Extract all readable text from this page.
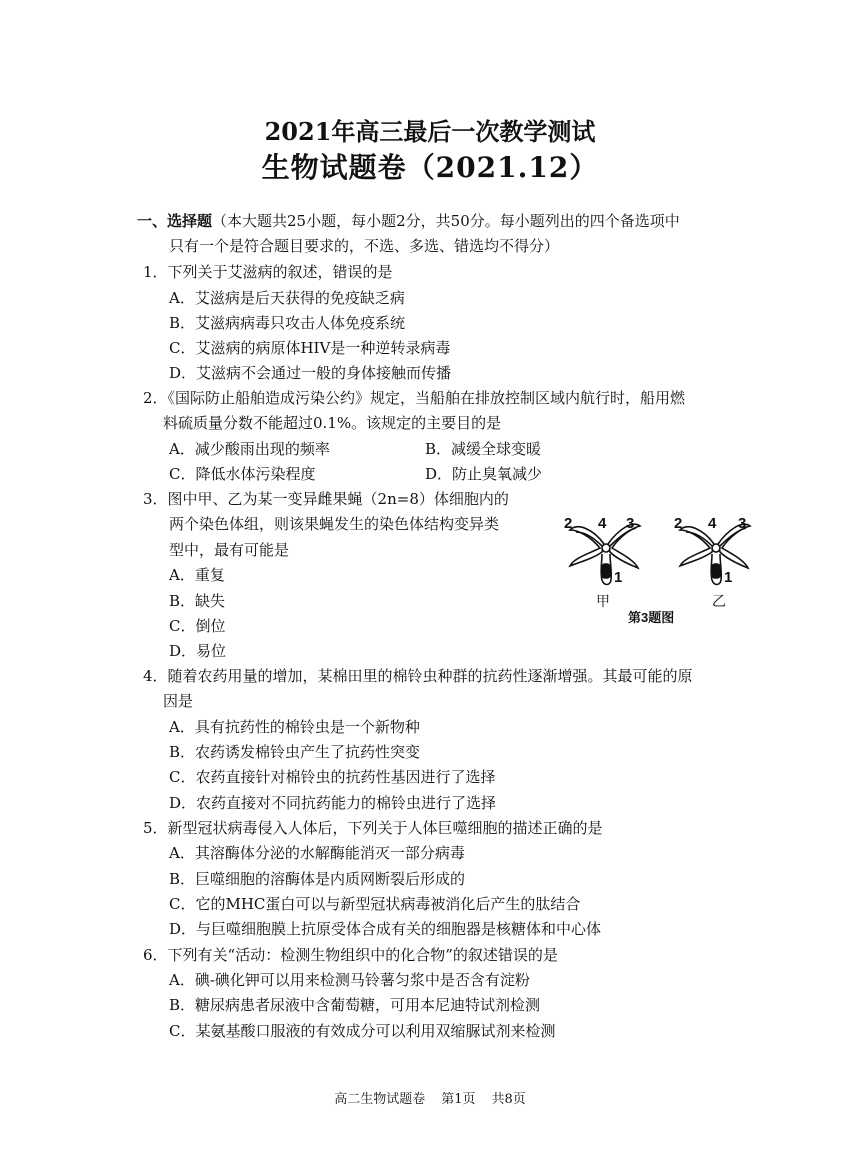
2021年高三最后一次教学测试
生物试题卷（2021.12）
一、选择题（本大题共25小题，每小题2分，共50分。每小题列出的四个备选项中
只有一个是符合题目要求的，不选、多选、错选均不得分）
1．下列关于艾滋病的叙述，错误的是
A．艾滋病是后天获得的免疫缺乏病
B．艾滋病病毒只攻击人体免疫系统
C．艾滋病的病原体HIV是一种逆转录病毒
D．艾滋病不会通过一般的身体接触而传播
2．《国际防止船舶造成污染公约》规定，当船舶在排放控制区域内航行时，船用燃
料硫质量分数不能超过0.1%。该规定的主要目的是
A．减少酸雨出现的频率	B．减缓全球变暖
C．降低水体污染程度	D．防止臭氧减少
3．图中甲、乙为某一变异雌果蝇（2n=8）体细胞内的
两个染色体组，则该果蝇发生的染色体结构变异类
型中，最有可能是
A．重复
B．缺失
C．倒位
D．易位
2 4 3
1
甲
2 4 3
1
乙
第3题图
4．随着农药用量的增加，某棉田里的棉铃虫种群的抗药性逐渐增强。其最可能的原
因是
A．具有抗药性的棉铃虫是一个新物种
B．农药诱发棉铃虫产生了抗药性突变
C．农药直接针对棉铃虫的抗药性基因进行了选择
D．农药直接对不同抗药能力的棉铃虫进行了选择
5．新型冠状病毒侵入人体后，下列关于人体巨噬细胞的描述正确的是
A．其溶酶体分泌的水解酶能消灭一部分病毒
B．巨噬细胞的溶酶体是内质网断裂后形成的
C．它的MHC蛋白可以与新型冠状病毒被消化后产生的肽结合
D．与巨噬细胞膜上抗原受体合成有关的细胞器是核糖体和中心体
6．下列有关“活动：检测生物组织中的化合物”的叙述错误的是
A．碘-碘化钾可以用来检测马铃薯匀浆中是否含有淀粉
B．糖尿病患者尿液中含葡萄糖，可用本尼迪特试剂检测
C．某氨基酸口服液的有效成分可以利用双缩脲试剂来检测
高二生物试题卷 第1页 共8页
